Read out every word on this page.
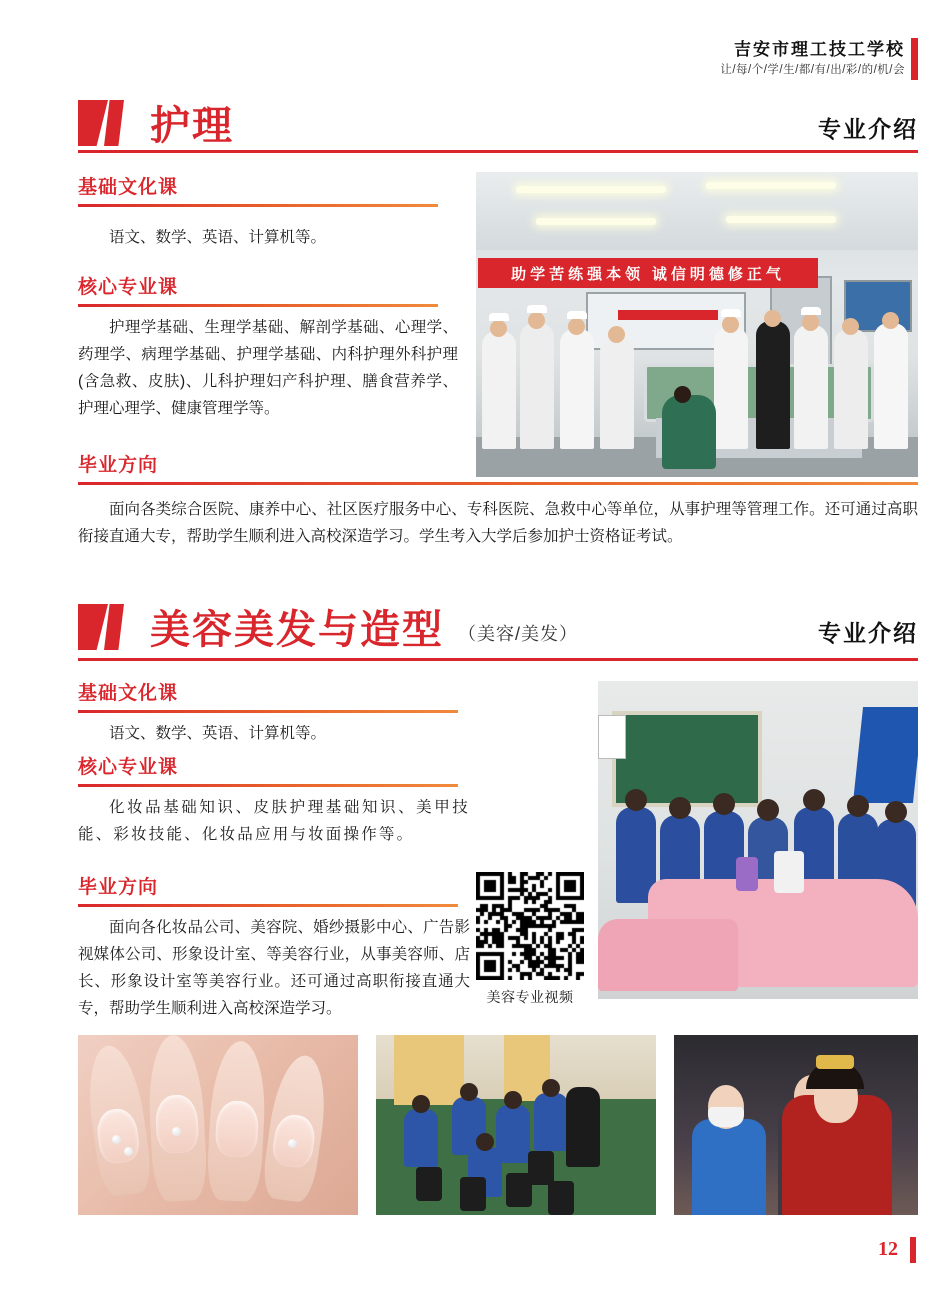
吉安市理工技工学校
让/每/个/学/生/都/有/出/彩/的/机/会
护理	专业介绍
基础文化课
语文、数学、英语、计算机等。
核心专业课
护理学基础、生理学基础、解剖学基础、心理学、药理学、病理学基础、护理学基础、内科护理外科护理(含急救、皮肤)、儿科护理妇产科护理、膳食营养学、护理心理学、健康管理学等。
毕业方向
面向各类综合医院、康养中心、社区医疗服务中心、专科医院、急救中心等单位，从事护理等管理工作。还可通过高职衔接直通大专，帮助学生顺利进入高校深造学习。学生考入大学后参加护士资格证考试。
助学苦练强本领 诚信明德修正气
美容美发与造型 （美容/美发）	专业介绍
基础文化课
语文、数学、英语、计算机等。
核心专业课
化妆品基础知识、皮肤护理基础知识、美甲技能、彩妆技能、化妆品应用与妆面操作等。
毕业方向
面向各化妆品公司、美容院、婚纱摄影中心、广告影视媒体公司、形象设计室、等美容行业，从事美容师、店长、形象设计室等美容行业。还可通过高职衔接直通大专，帮助学生顺利进入高校深造学习。
美容专业视频
12
